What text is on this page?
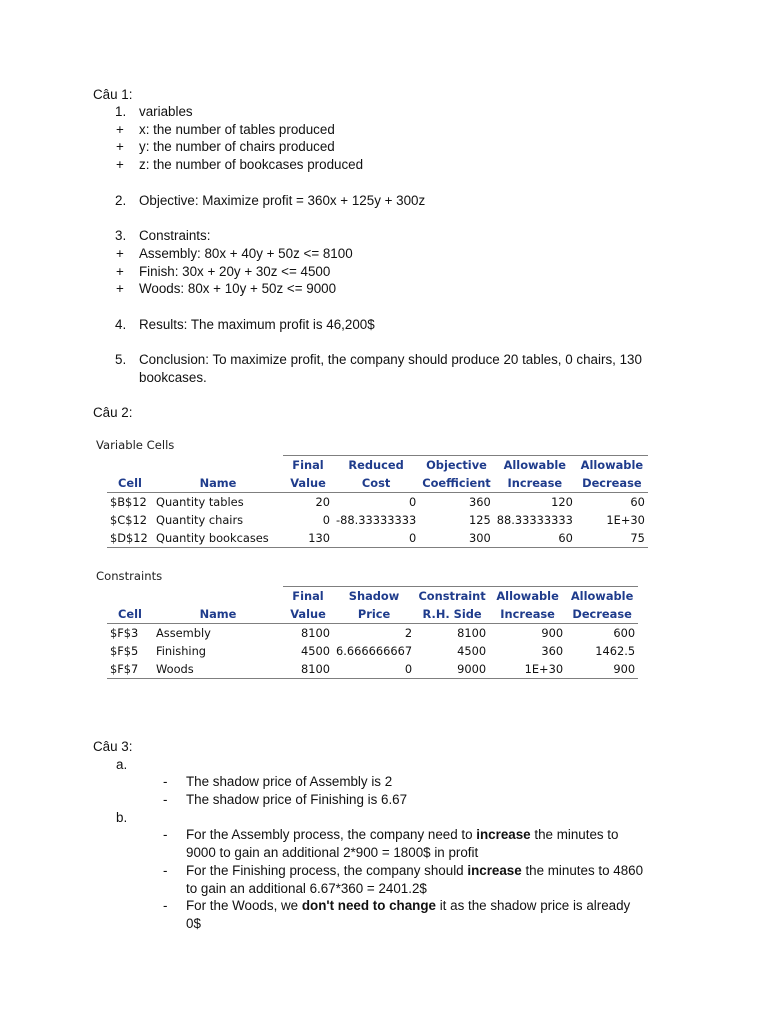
Câu 1:
1. variables
+ x: the number of tables produced
+ y: the number of chairs produced
+ z: the number of bookcases produced
2. Objective: Maximize profit = 360x + 125y + 300z
3. Constraints:
+ Assembly: 80x + 40y + 50z <= 8100
+ Finish: 30x + 20y + 30z <= 4500
+ Woods: 80x + 10y + 50z <= 9000
4. Results: The maximum profit is 46,200$
5. Conclusion: To maximize profit, the company should produce 20 tables, 0 chairs, 130
bookcases.
Câu 2:
Variable Cells
		Final	Reduced	Objective	Allowable	Allowable
Cell	Name	Value	Cost	Coefficient	Increase	Decrease
$B$12	Quantity tables	20	0	360	120	60
$C$12	Quantity chairs	0	-88.33333333	125	88.33333333	1E+30
$D$12	Quantity bookcases	130	0	300	60	75
Constraints
		Final	Shadow	Constraint	Allowable	Allowable
Cell	Name	Value	Price	R.H. Side	Increase	Decrease
$F$3	Assembly	8100	2	8100	900	600
$F$5	Finishing	4500	6.666666667	4500	360	1462.5
$F$7	Woods	8100	0	9000	1E+30	900
Câu 3:
a.
- The shadow price of Assembly is 2
- The shadow price of Finishing is 6.67
b.
- For the Assembly process, the company need to increase the minutes to
9000 to gain an additional 2*900 = 1800$ in profit
- For the Finishing process, the company should increase the minutes to 4860
to gain an additional 6.67*360 = 2401.2$
- For the Woods, we don't need to change it as the shadow price is already
0$
